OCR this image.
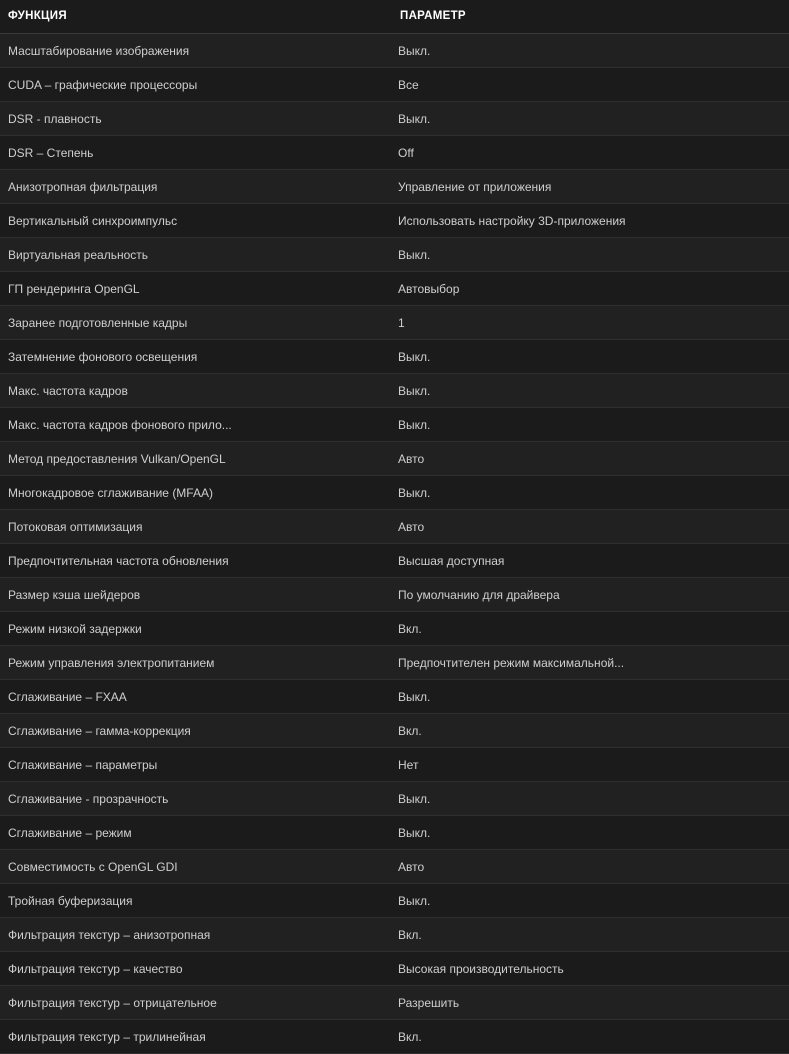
ФУНКЦИЯ	ПАРАМЕТР
Масштабирование изображения	Выкл.
CUDA – графические процессоры	Все
DSR - плавность	Выкл.
DSR – Степень	Off
Анизотропная фильтрация	Управление от приложения
Вертикальный синхроимпульс	Использовать настройку 3D-приложения
Виртуальная реальность	Выкл.
ГП рендеринга OpenGL	Автовыбор
Заранее подготовленные кадры	1
Затемнение фонового освещения	Выкл.
Макс. частота кадров	Выкл.
Макс. частота кадров фонового прило...	Выкл.
Метод предоставления Vulkan/OpenGL	Авто
Многокадровое сглаживание (MFAA)	Выкл.
Потоковая оптимизация	Авто
Предпочтительная частота обновления	Высшая доступная
Размер кэша шейдеров	По умолчанию для драйвера
Режим низкой задержки	Вкл.
Режим управления электропитанием	Предпочтителен режим максимальной...
Сглаживание – FXAA	Выкл.
Сглаживание – гамма-коррекция	Вкл.
Сглаживание – параметры	Нет
Сглаживание - прозрачность	Выкл.
Сглаживание – режим	Выкл.
Совместимость с OpenGL GDI	Авто
Тройная буферизация	Выкл.
Фильтрация текстур – анизотропная	Вкл.
Фильтрация текстур – качество	Высокая производительность
Фильтрация текстур – отрицательное	Разрешить
Фильтрация текстур – трилинейная	Вкл.
